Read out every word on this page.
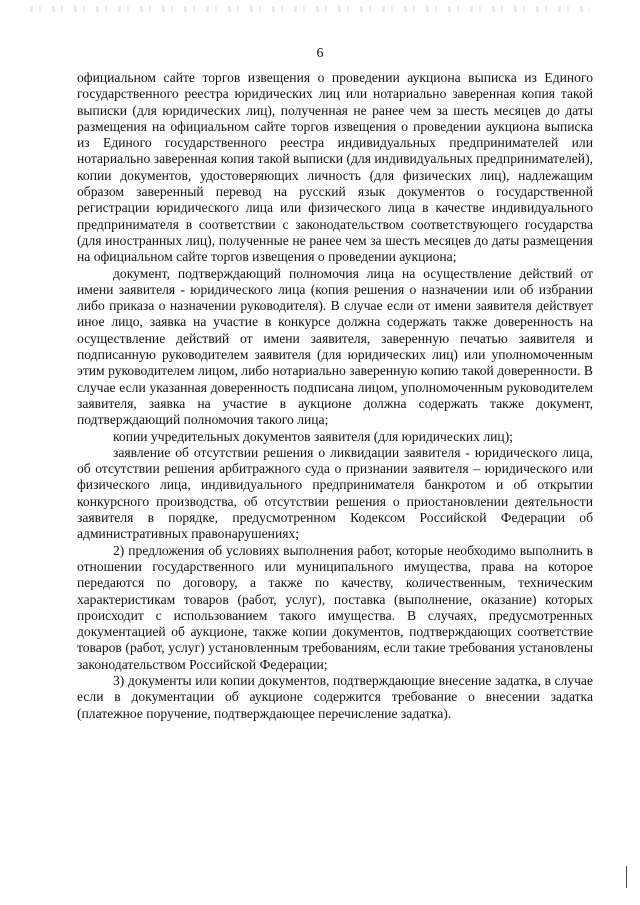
6

официальном сайте торгов извещения о проведении аукциона выписка из Единого государственного реестра юридических лиц или нотариально заверенная копия такой выписки (для юридических лиц), полученная не ранее чем за шесть месяцев до даты размещения на официальном сайте торгов извещения о проведении аукциона выписка из Единого государственного реестра индивидуальных предпринимателей или нотариально заверенная копия такой выписки (для индивидуальных предпринимателей), копии документов, удостоверяющих личность (для физических лиц), надлежащим образом заверенный перевод на русский язык документов о государственной регистрации юридического лица или физического лица в качестве индивидуального предпринимателя в соответствии с законодательством соответствующего государства (для иностранных лиц), полученные не ранее чем за шесть месяцев до даты размещения на официальном сайте торгов извещения о проведении аукциона;

документ, подтверждающий полномочия лица на осуществление действий от имени заявителя - юридического лица (копия решения о назначении или об избрании либо приказа о назначении руководителя). В случае если от имени заявителя действует иное лицо, заявка на участие в конкурсе должна содержать также доверенность на осуществление действий от имени заявителя, заверенную печатью заявителя и подписанную руководителем заявителя (для юридических лиц) или уполномоченным этим руководителем лицом, либо нотариально заверенную копию такой доверенности. В случае если указанная доверенность подписана лицом, уполномоченным руководителем заявителя, заявка на участие в аукционе должна содержать также документ, подтверждающий полномочия такого лица;

копии учредительных документов заявителя (для юридических лиц);

заявление об отсутствии решения о ликвидации заявителя - юридического лица, об отсутствии решения арбитражного суда о признании заявителя – юридического или физического лица, индивидуального предпринимателя банкротом и об открытии конкурсного производства, об отсутствии решения о приостановлении деятельности заявителя в порядке, предусмотренном Кодексом Российской Федерации об административных правонарушениях;

2) предложения об условиях выполнения работ, которые необходимо выполнить в отношении государственного или муниципального имущества, права на которое передаются по договору, а также по качеству, количественным, техническим характеристикам товаров (работ, услуг), поставка (выполнение, оказание) которых происходит с использованием такого имущества. В случаях, предусмотренных документацией об аукционе, также копии документов, подтверждающих соответствие товаров (работ, услуг) установленным требованиям, если такие требования установлены законодательством Российской Федерации;

3) документы или копии документов, подтверждающие внесение задатка, в случае если в документации об аукционе содержится требование о внесении задатка (платежное поручение, подтверждающее перечисление задатка).
